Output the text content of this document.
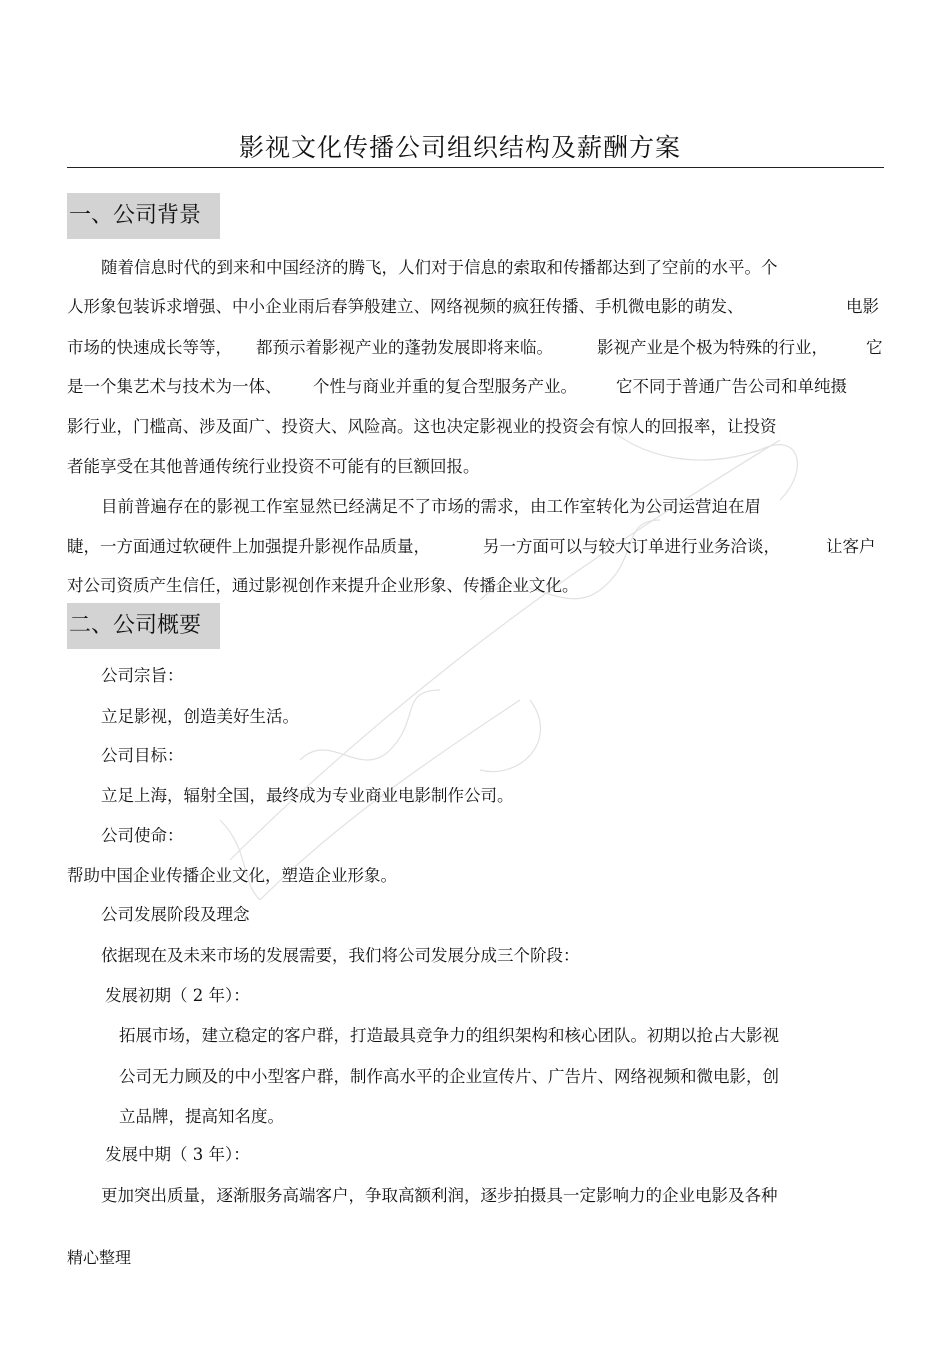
影视文化传播公司组织结构及薪酬方案
一、公司背景
随着信息时代的到来和中国经济的腾飞，人们对于信息的索取和传播都达到了空前的水平。个
人形象包装诉求增强、中小企业雨后春笋般建立、网络视频的疯狂传播、手机微电影的萌发、	电影
市场的快速成长等等， 都预示着影视产业的蓬勃发展即将来临。	影视产业是个极为特殊的行业， 它
是一个集艺术与技术为一体、 个性与商业并重的复合型服务产业。 它不同于普通广告公司和单纯摄
影行业，门槛高、涉及面广、投资大、风险高。这也决定影视业的投资会有惊人的回报率，让投资
者能享受在其他普通传统行业投资不可能有的巨额回报。
目前普遍存在的影视工作室显然已经满足不了市场的需求，由工作室转化为公司运营迫在眉
睫，一方面通过软硬件上加强提升影视作品质量，	另一方面可以与较大订单进行业务洽谈，	让客户
对公司资质产生信任，通过影视创作来提升企业形象、传播企业文化。
二、公司概要
公司宗旨：
立足影视，创造美好生活。
公司目标：
立足上海，辐射全国，最终成为专业商业电影制作公司。
公司使命：
帮助中国企业传播企业文化，塑造企业形象。
公司发展阶段及理念
依据现在及未来市场的发展需要，我们将公司发展分成三个阶段：
发展初期（ 2 年）：
拓展市场，建立稳定的客户群，打造最具竞争力的组织架构和核心团队。初期以抢占大影视
公司无力顾及的中小型客户群，制作高水平的企业宣传片、广告片、网络视频和微电影，创
立品牌，提高知名度。
发展中期（ 3 年）：
更加突出质量，逐渐服务高端客户，争取高额利润，逐步拍摄具一定影响力的企业电影及各种
精心整理
